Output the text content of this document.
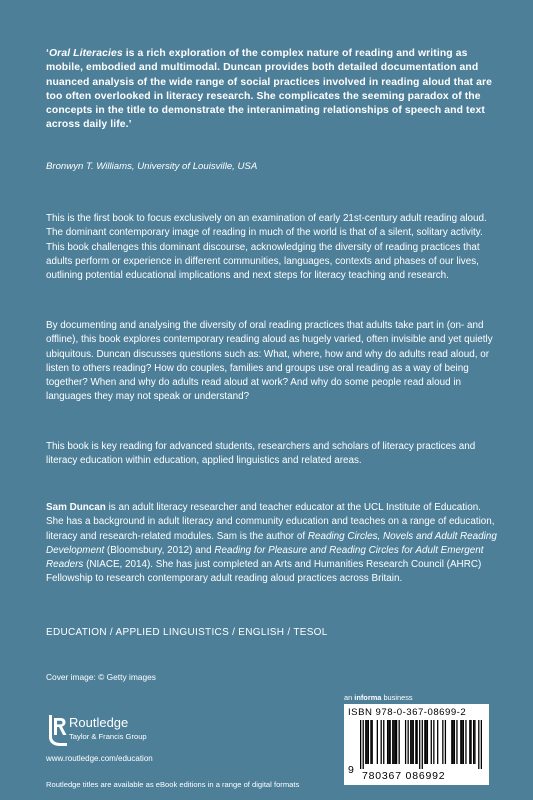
‘Oral Literacies is a rich exploration of the complex nature of reading and writing as mobile, embodied and multimodal. Duncan provides both detailed documentation and nuanced analysis of the wide range of social practices involved in reading aloud that are too often overlooked in literacy research. She complicates the seeming paradox of the concepts in the title to demonstrate the interanimating relationships of speech and text across daily life.’
Bronwyn T. Williams, University of Louisville, USA
This is the first book to focus exclusively on an examination of early 21st-century adult reading aloud. The dominant contemporary image of reading in much of the world is that of a silent, solitary activity. This book challenges this dominant discourse, acknowledging the diversity of reading practices that adults perform or experience in different communities, languages, contexts and phases of our lives, outlining potential educational implications and next steps for literacy teaching and research.
By documenting and analysing the diversity of oral reading practices that adults take part in (on- and offline), this book explores contemporary reading aloud as hugely varied, often invisible and yet quietly ubiquitous. Duncan discusses questions such as: What, where, how and why do adults read aloud, or listen to others reading? How do couples, families and groups use oral reading as a way of being together? When and why do adults read aloud at work? And why do some people read aloud in languages they may not speak or understand?
This book is key reading for advanced students, researchers and scholars of literacy practices and literacy education within education, applied linguistics and related areas.
Sam Duncan is an adult literacy researcher and teacher educator at the UCL Institute of Education. She has a background in adult literacy and community education and teaches on a range of education, literacy and research-related modules. Sam is the author of Reading Circles, Novels and Adult Reading Development (Bloomsbury, 2012) and Reading for Pleasure and Reading Circles for Adult Emergent Readers (NIACE, 2014). She has just completed an Arts and Humanities Research Council (AHRC) Fellowship to research contemporary adult reading aloud practices across Britain.
EDUCATION / APPLIED LINGUISTICS / ENGLISH / TESOL
Cover image: © Getty images
Routledge
Taylor & Francis Group
www.routledge.com/education
Routledge titles are available as eBook editions in a range of digital formats
an informa business
ISBN 978-0-367-08699-2
9 780367 086992
